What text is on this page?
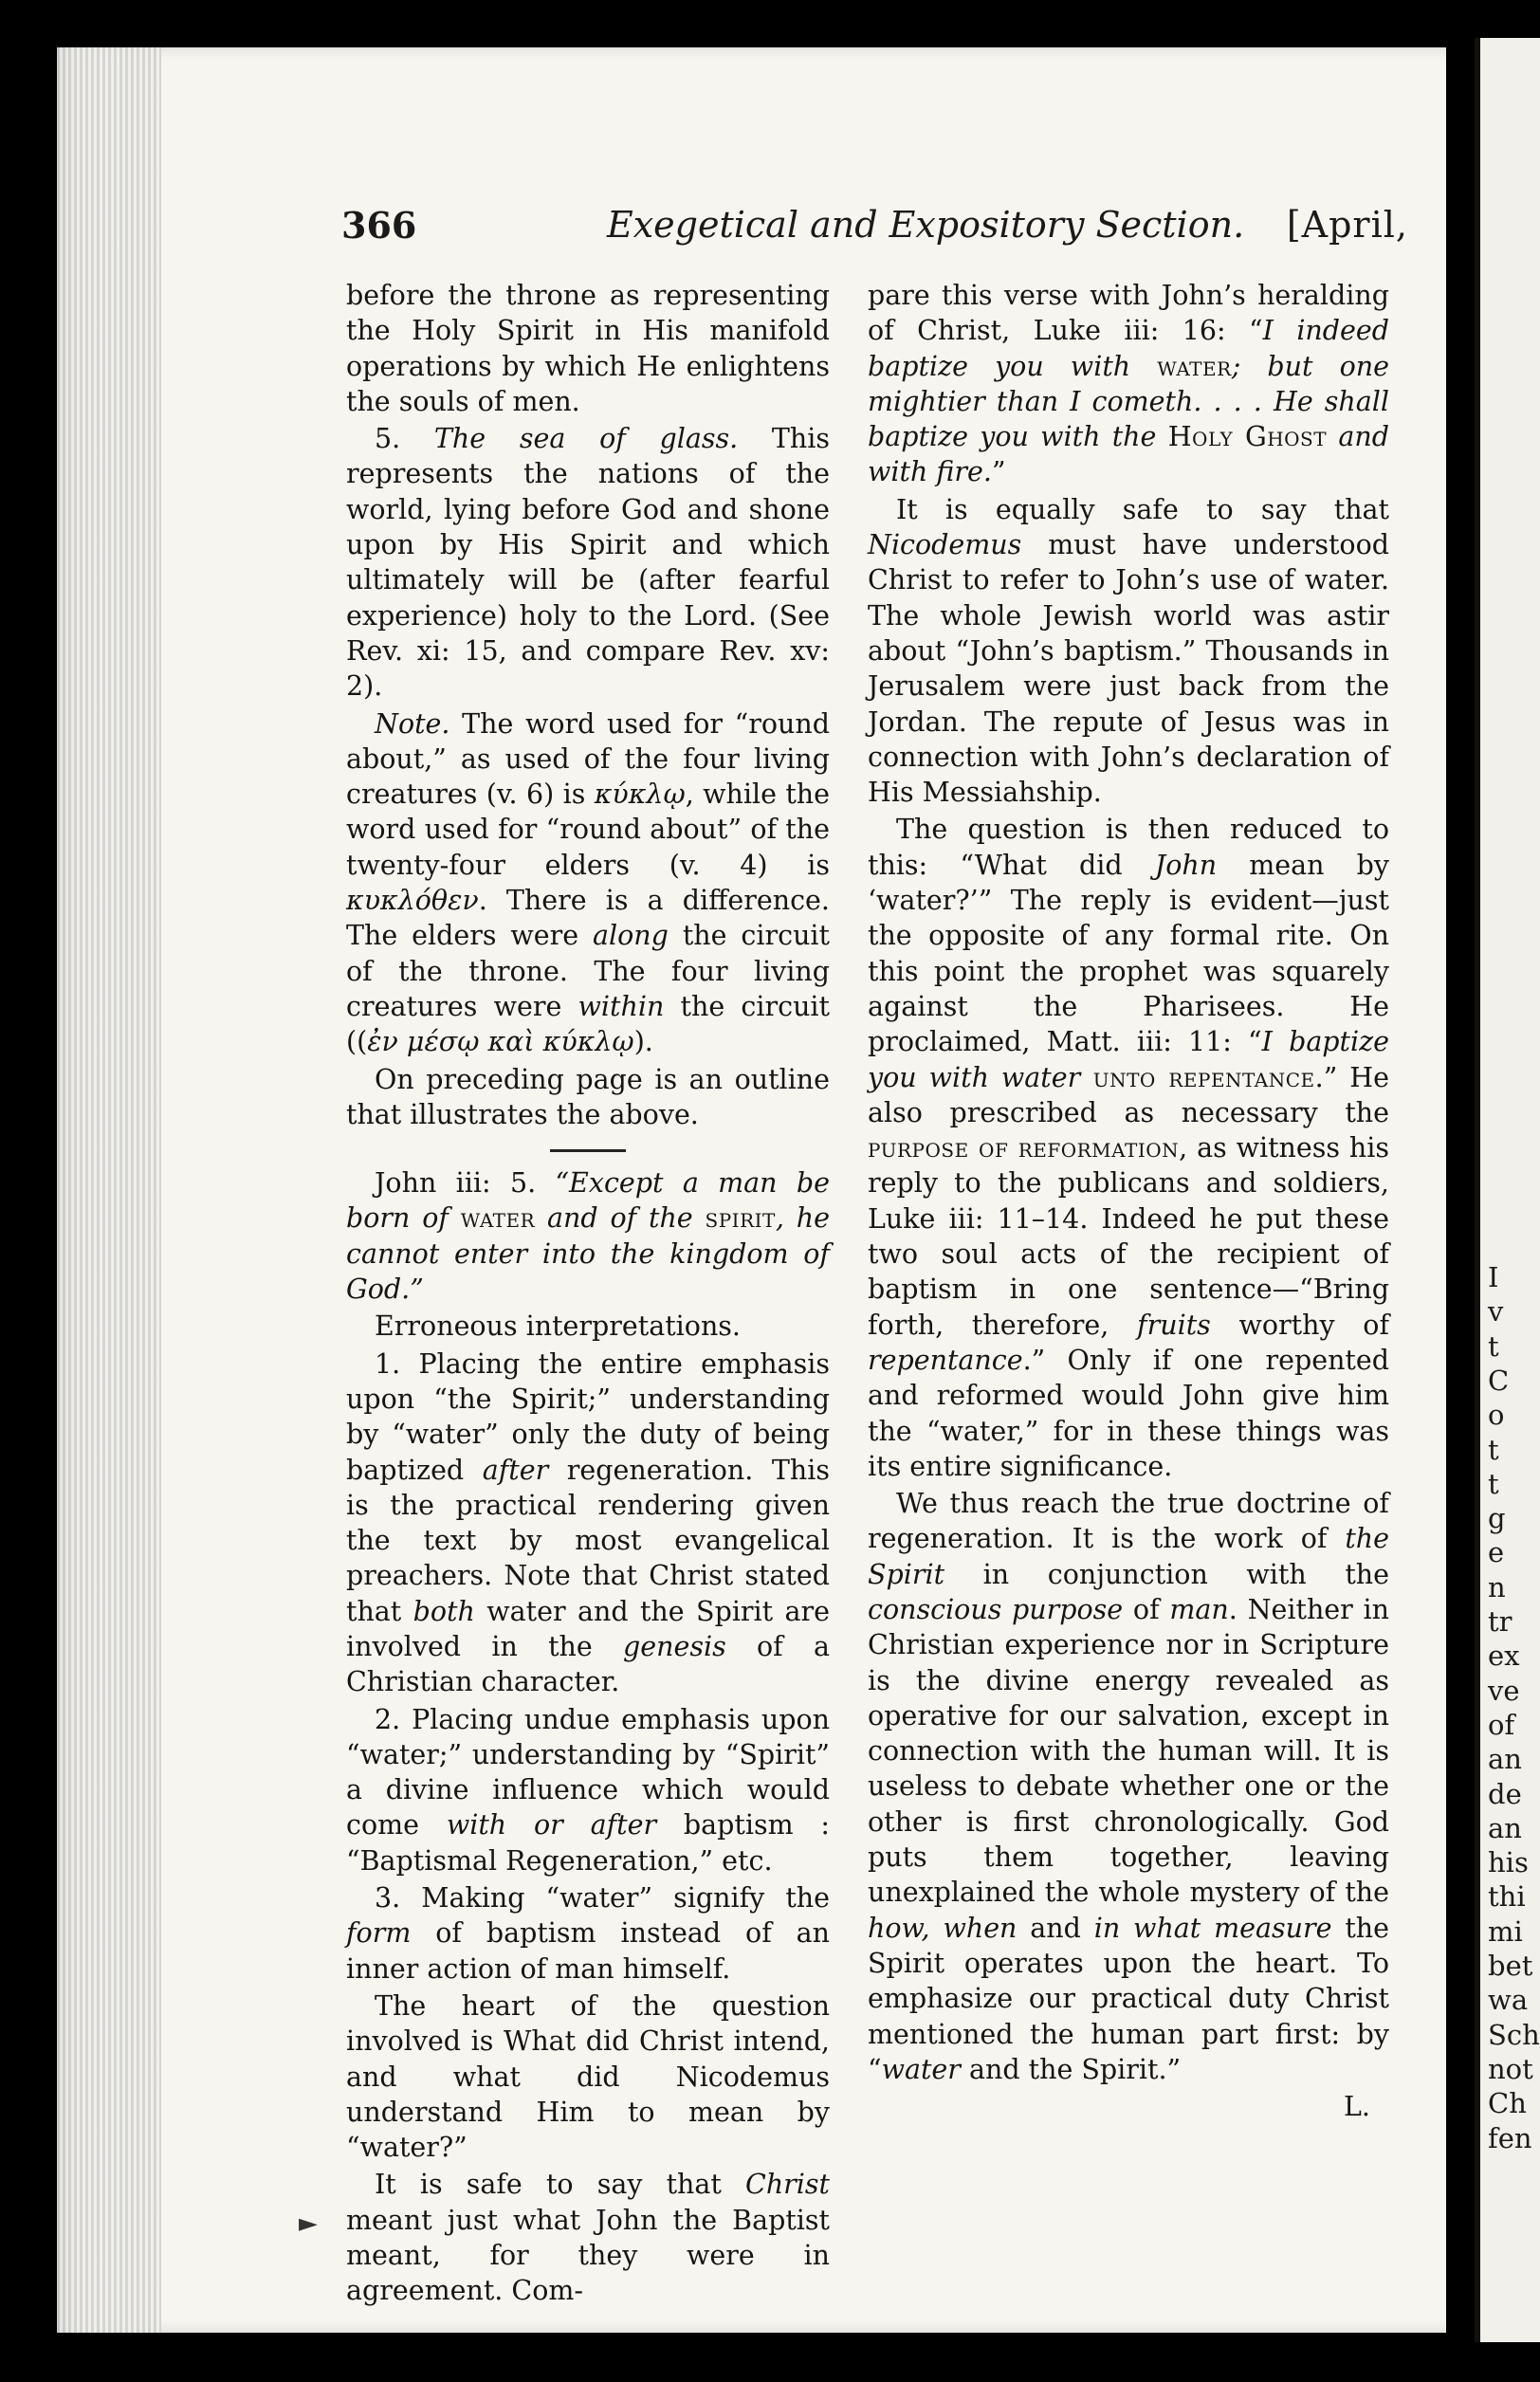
I
v
t
C
o
t
t
g
e
n
tr
ex
ve
of
an
de
an
his
thi
mi
bet
wa
Sch
not
Ch
fen
366	Exegetical and Expository Section. [April,

before the throne as representing the Holy Spirit in His manifold operations by which He enlightens the souls of men.

5. The sea of glass. This represents the nations of the world, lying before God and shone upon by His Spirit and which ultimately will be (after fearful experience) holy to the Lord. (See Rev. xi: 15, and compare Rev. xv: 2).

Note. The word used for “round about,” as used of the four living creatures (v. 6) is κύκλῳ, while the word used for “round about” of the twenty-four elders (v. 4) is κυκλόθεν. There is a difference. The elders were along the circuit of the throne. The four living creatures were within the circuit ((ἐν μέσῳ καὶ κύκλῳ).

On preceding page is an outline that illustrates the above.

John iii: 5. “Except a man be born of water and of the spirit, he cannot enter into the kingdom of God.”

Erroneous interpretations.

1. Placing the entire emphasis upon “the Spirit;” understanding by “water” only the duty of being baptized after regeneration. This is the practical rendering given the text by most evangelical preachers. Note that Christ stated that both water and the Spirit are involved in the genesis of a Christian character.

2. Placing undue emphasis upon “water;” understanding by “Spirit” a divine influence which would come with or after baptism : “Baptismal Regeneration,” etc.

3. Making “water” signify the form of baptism instead of an inner action of man himself.

The heart of the question involved is What did Christ intend, and what did Nicodemus understand Him to mean by “water?”

It is safe to say that Christ meant just what John the Baptist meant, for they were in agreement. Com-

pare this verse with John’s heralding of Christ, Luke iii: 16: “I indeed baptize you with water; but one mightier than I cometh. . . . He shall baptize you with the Holy Ghost and with fire.”

It is equally safe to say that Nicodemus must have understood Christ to refer to John’s use of water. The whole Jewish world was astir about “John’s baptism.” Thousands in Jerusalem were just back from the Jordan. The repute of Jesus was in connection with John’s declaration of His Messiahship.

The question is then reduced to this: “What did John mean by ‘water?’” The reply is evident—just the opposite of any formal rite. On this point the prophet was squarely against the Pharisees. He proclaimed, Matt. iii: 11: “I baptize you with water unto repentance.” He also prescribed as necessary the purpose of reformation, as witness his reply to the publicans and soldiers, Luke iii: 11–14. Indeed he put these two soul acts of the recipient of baptism in one sentence—“Bring forth, therefore, fruits worthy of repentance.” Only if one repented and reformed would John give him the “water,” for in these things was its entire significance.

We thus reach the true doctrine of regeneration. It is the work of the Spirit in conjunction with the conscious purpose of man. Neither in Christian experience nor in Scripture is the divine energy revealed as operative for our salvation, except in connection with the human will. It is useless to debate whether one or the other is first chronologically. God puts them together, leaving unexplained the whole mystery of the how, when and in what measure the Spirit operates upon the heart. To emphasize our practical duty Christ mentioned the human part first: by “water and the Spirit.”

L.

►
